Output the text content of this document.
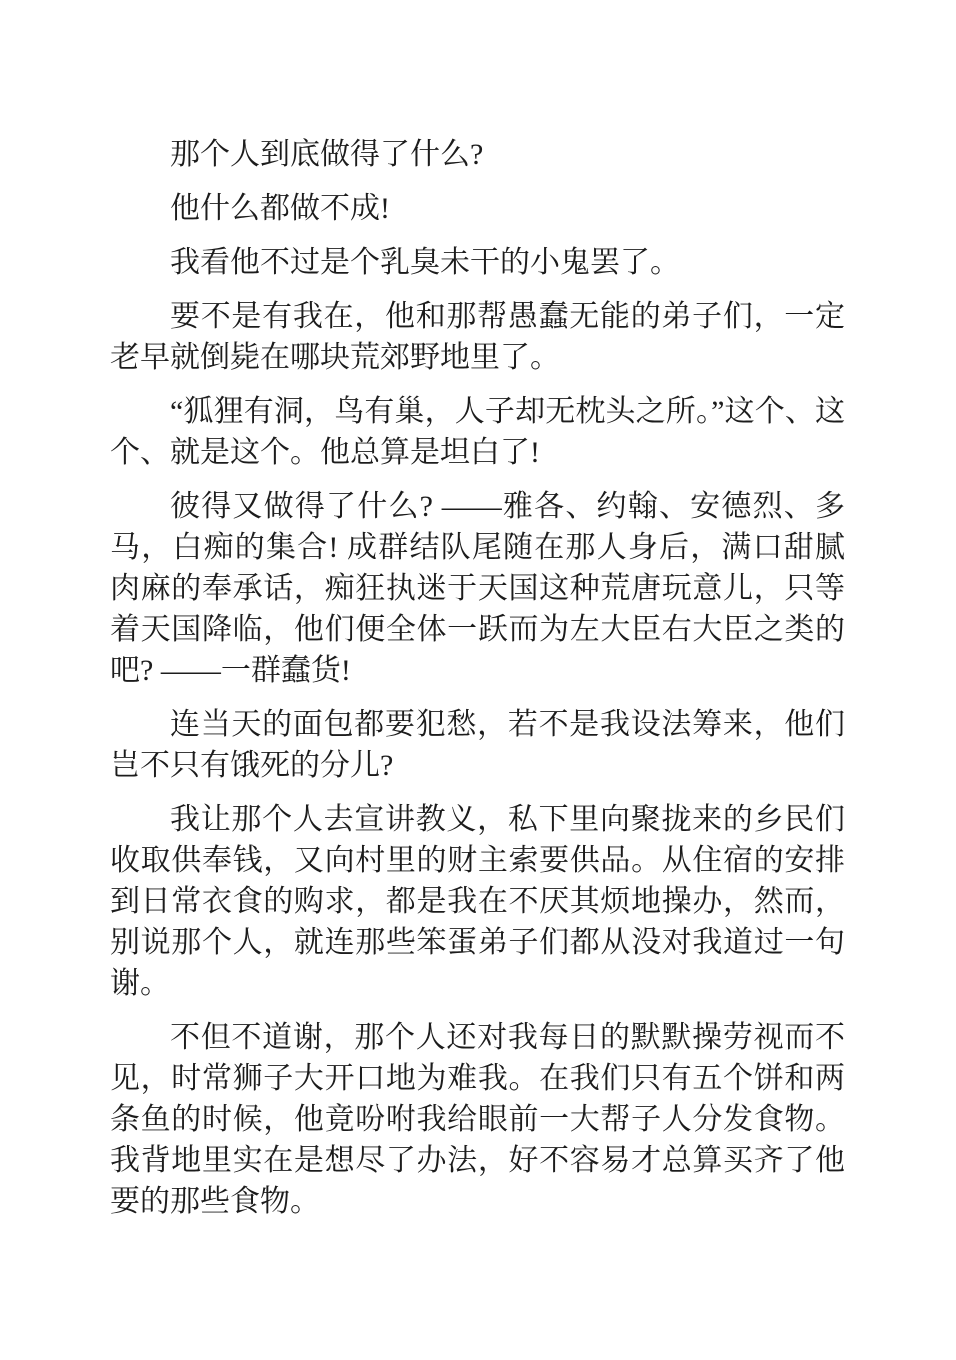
那个人到底做得了什么?

他什么都做不成!

我看他不过是个乳臭未干的小鬼罢了。

要不是有我在，他和那帮愚蠢无能的弟子们，一定老早就倒毙在哪块荒郊野地里了。

“狐狸有洞，鸟有巢，人子却无枕头之所。”这个、这个、就是这个。他总算是坦白了!

彼得又做得了什么? ——雅各、约翰、安德烈、多马，白痴的集合! 成群结队尾随在那人身后，满口甜腻肉麻的奉承话，痴狂执迷于天国这种荒唐玩意儿，只等着天国降临，他们便全体一跃而为左大臣右大臣之类的吧? ——一群蠢货!

连当天的面包都要犯愁，若不是我设法筹来，他们岂不只有饿死的分儿?

我让那个人去宣讲教义，私下里向聚拢来的乡民们收取供奉钱，又向村里的财主索要供品。从住宿的安排到日常衣食的购求，都是我在不厌其烦地操办，然而，别说那个人，就连那些笨蛋弟子们都从没对我道过一句谢。

不但不道谢，那个人还对我每日的默默操劳视而不见，时常狮子大开口地为难我。在我们只有五个饼和两条鱼的时候，他竟吩咐我给眼前一大帮子人分发食物。我背地里实在是想尽了办法，好不容易才总算买齐了他要的那些食物。
